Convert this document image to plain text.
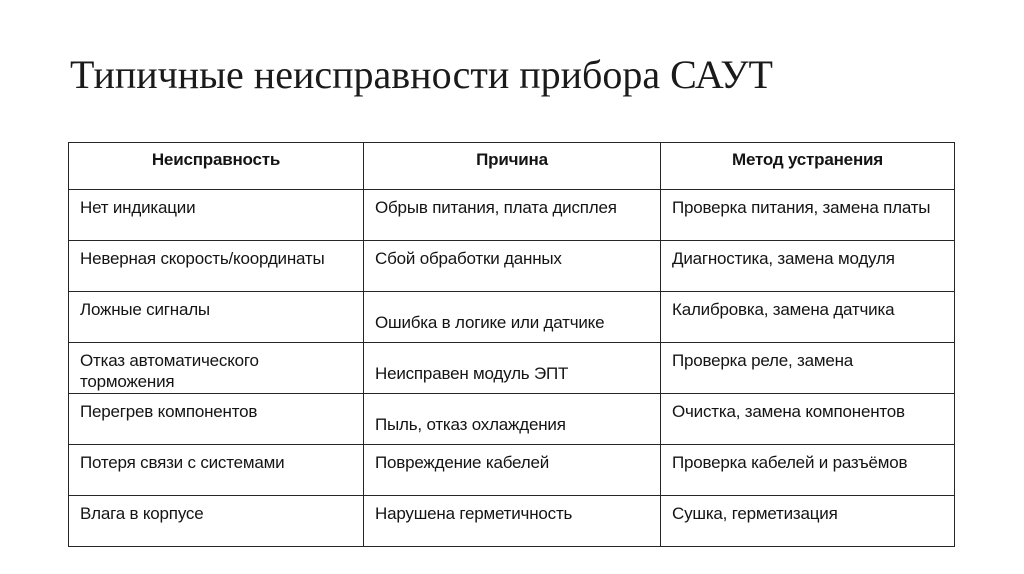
Типичные неисправности прибора САУТ
Неисправность	Причина	Метод устранения
Нет индикации	Обрыв питания, плата дисплея	Проверка питания, замена платы
Неверная скорость/координаты	Сбой обработки данных	Диагностика, замена модуля
Ложные сигналы	Ошибка в логике или датчике	Калибровка, замена датчика
Отказ автоматического торможения	Неисправен модуль ЭПТ	Проверка реле, замена
Перегрев компонентов	Пыль, отказ охлаждения	Очистка, замена компонентов
Потеря связи с системами	Повреждение кабелей	Проверка кабелей и разъёмов
Влага в корпусе	Нарушена герметичность	Сушка, герметизация
